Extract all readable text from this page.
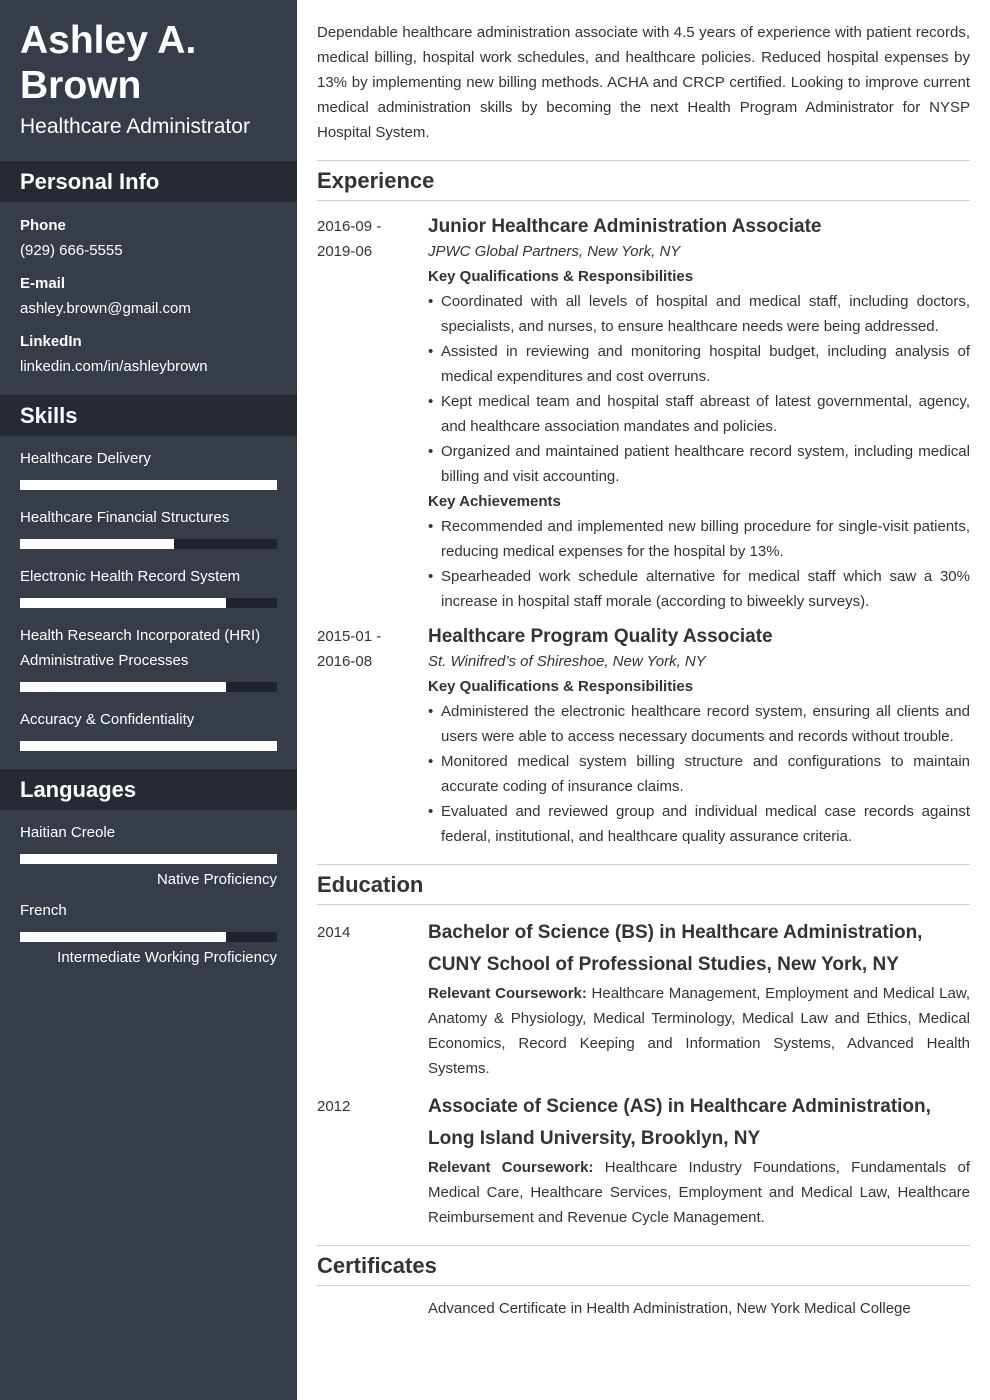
Ashley A.
Brown
Healthcare Administrator
Personal Info
Phone
(929) 666-5555
E-mail
ashley.brown@gmail.com
LinkedIn
linkedin.com/in/ashleybrown
Skills
Healthcare Delivery
Healthcare Financial Structures
Electronic Health Record System
Health Research Incorporated (HRI) Administrative Processes
Accuracy & Confidentiality
Languages
Haitian Creole
Native Proficiency
French
Intermediate Working Proficiency

Dependable healthcare administration associate with 4.5 years of experience with patient records, medical billing, hospital work schedules, and healthcare policies. Reduced hospital expenses by 13% by implementing new billing methods. ACHA and CRCP certified. Looking to improve current medical administration skills by becoming the next Health Program Administrator for NYSP Hospital System.

Experience
2016-09 -
2019-06
Junior Healthcare Administration Associate
JPWC Global Partners, New York, NY
Key Qualifications & Responsibilities
• Coordinated with all levels of hospital and medical staff, including doctors, specialists, and nurses, to ensure healthcare needs were being addressed.
• Assisted in reviewing and monitoring hospital budget, including analysis of medical expenditures and cost overruns.
• Kept medical team and hospital staff abreast of latest governmental, agency, and healthcare association mandates and policies.
• Organized and maintained patient healthcare record system, including medical billing and visit accounting.
Key Achievements
• Recommended and implemented new billing procedure for single-visit patients, reducing medical expenses for the hospital by 13%.
• Spearheaded work schedule alternative for medical staff which saw a 30% increase in hospital staff morale (according to biweekly surveys).
2015-01 -
2016-08
Healthcare Program Quality Associate
St. Winifred’s of Shireshoe, New York, NY
Key Qualifications & Responsibilities
• Administered the electronic healthcare record system, ensuring all clients and users were able to access necessary documents and records without trouble.
• Monitored medical system billing structure and configurations to maintain accurate coding of insurance claims.
• Evaluated and reviewed group and individual medical case records against federal, institutional, and healthcare quality assurance criteria.
Education
2014	Bachelor of Science (BS) in Healthcare Administration, CUNY School of Professional Studies, New York, NY
Relevant Coursework: Healthcare Management, Employment and Medical Law, Anatomy & Physiology, Medical Terminology, Medical Law and Ethics, Medical Economics, Record Keeping and Information Systems, Advanced Health Systems.
2012	Associate of Science (AS) in Healthcare Administration, Long Island University, Brooklyn, NY
Relevant Coursework: Healthcare Industry Foundations, Fundamentals of Medical Care, Healthcare Services, Employment and Medical Law, Healthcare Reimbursement and Revenue Cycle Management.
Certificates
Advanced Certificate in Health Administration, New York Medical College
